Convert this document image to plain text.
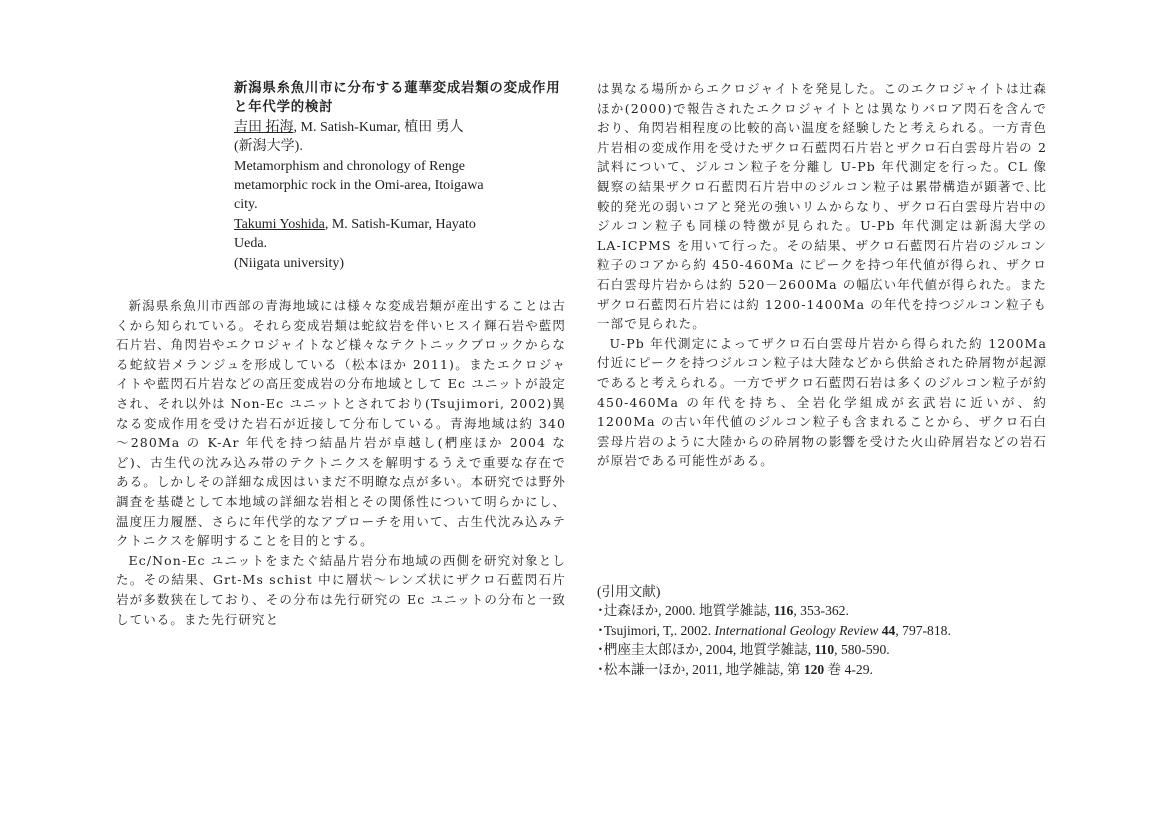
新潟県糸魚川市に分布する蓮華変成岩類の変成作用と年代学的検討

吉田 拓海, M. Satish-Kumar, 植田 勇人

(新潟大学).

Metamorphism and chronology of Renge

metamorphic rock in the Omi-area, Itoigawa

city.

Takumi Yoshida, M. Satish-Kumar, Hayato

Ueda.

(Niigata university)

新潟県糸魚川市西部の青海地域には様々な変成岩類が産出することは古くから知られている。それら変成岩類は蛇紋岩を伴いヒスイ輝石岩や藍閃石片岩、角閃岩やエクロジャイトなど様々なテクトニックブロックからなる蛇紋岩メランジュを形成している（松本ほか 2011)。またエクロジャイトや藍閃石片岩などの高圧変成岩の分布地域として Ec ユニットが設定され、それ以外は Non-Ec ユニットとされており(Tsujimori, 2002)異なる変成作用を受けた岩石が近接して分布している。青海地域は約 340～280Ma の K-Ar 年代を持つ結晶片岩が卓越し(椚座ほか 2004 など)、古生代の沈み込み帯のテクトニクスを解明するうえで重要な存在である。しかしその詳細な成因はいまだ不明瞭な点が多い。本研究では野外調査を基礎として本地域の詳細な岩相とその関係性について明らかにし、温度圧力履歴、さらに年代学的なアプローチを用いて、古生代沈み込みテクトニクスを解明することを目的とする。

Ec/Non-Ec ユニットをまたぐ結晶片岩分布地域の西側を研究対象とした。その結果、Grt-Ms schist 中に層状～レンズ状にザクロ石藍閃石片岩が多数狭在しており、その分布は先行研究の Ec ユニットの分布と一致している。また先行研究と

は異なる場所からエクロジャイトを発見した。このエクロジャイトは辻森ほか(2000)で報告されたエクロジャイトとは異なりバロア閃石を含んでおり、角閃岩相程度の比較的高い温度を経験したと考えられる。一方青色片岩相の変成作用を受けたザクロ石藍閃石片岩とザクロ石白雲母片岩の 2 試料について、ジルコン粒子を分離し U-Pb 年代測定を行った。CL 像観察の結果ザクロ石藍閃石片岩中のジルコン粒子は累帯構造が顕著で､比較的発光の弱いコアと発光の強いリムからなり、ザクロ石白雲母片岩中のジルコン粒子も同様の特徴が見られた。U-Pb 年代測定は新潟大学の LA-ICPMS を用いて行った。その結果、ザクロ石藍閃石片岩のジルコン粒子のコアから約 450-460Ma にピークを持つ年代値が得られ、ザクロ石白雲母片岩からは約 520－2600Ma の幅広い年代値が得られた。またザクロ石藍閃石片岩には約 1200-1400Ma の年代を持つジルコン粒子も一部で見られた。

U-Pb 年代測定によってザクロ石白雲母片岩から得られた約 1200Ma 付近にピークを持つジルコン粒子は大陸などから供給された砕屑物が起源であると考えられる。一方でザクロ石藍閃石岩は多くのジルコン粒子が約 450-460Ma の年代を持ち、全岩化学組成が玄武岩に近いが、約 1200Ma の古い年代値のジルコン粒子も含まれることから、ザクロ石白雲母片岩のように大陸からの砕屑物の影響を受けた火山砕屑岩などの岩石が原岩である可能性がある。

(引用文献)
･辻森ほか, 2000. 地質学雑誌, 116, 353-362.
･Tsujimori, T,. 2002. International Geology Review 44, 797-818.
･椚座圭太郎ほか, 2004, 地質学雑誌, 110, 580-590.
･松本謙一ほか, 2011, 地学雑誌, 第 120 巻 4-29.
